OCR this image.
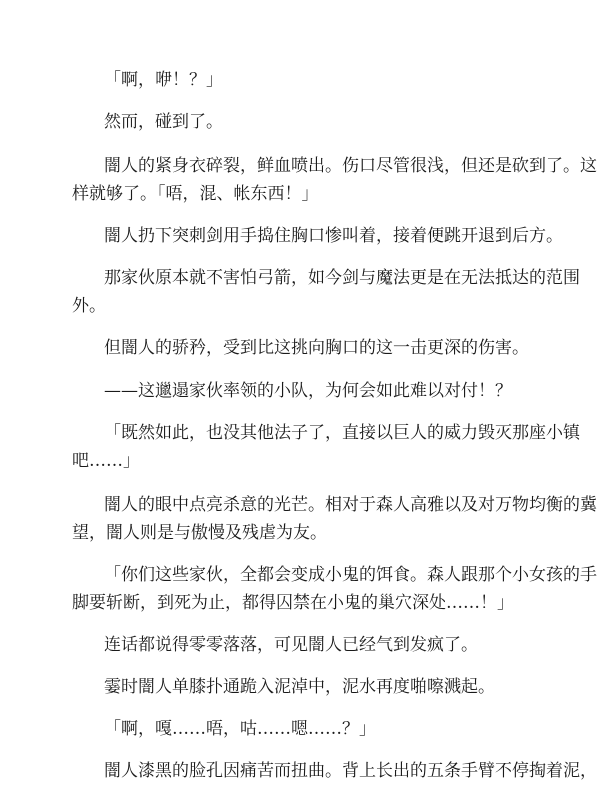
「啊，咿！？」
然而，碰到了。
闇人的紧身衣碎裂，鲜血喷出。伤口尽管很浅，但还是砍到了。这
样就够了。「唔，混、帐东西！」
闇人扔下突刺剑用手捣住胸口惨叫着，接着便跳开退到后方。
那家伙原本就不害怕弓箭，如今剑与魔法更是在无法抵达的范围
外。
但闇人的骄矜，受到比这挑向胸口的这一击更深的伤害。
——这邋遢家伙率领的小队，为何会如此难以对付！？
「既然如此，也没其他法子了，直接以巨人的威力毁灭那座小镇
吧……」
闇人的眼中点亮杀意的光芒。相对于森人高雅以及对万物均衡的冀
望，闇人则是与傲慢及残虐为友。
「你们这些家伙，全都会变成小鬼的饵食。森人跟那个小女孩的手
脚要斩断，到死为止，都得囚禁在小鬼的巢穴深处……！」
连话都说得零零落落，可见闇人已经气到发疯了。
霎时闇人单膝扑通跪入泥淖中，泥水再度啪嚓溅起。
「啊，嘎……唔，咕……嗯……？」
闇人漆黑的脸孔因痛苦而扭曲。背上长出的五条手臂不停掏着泥，
